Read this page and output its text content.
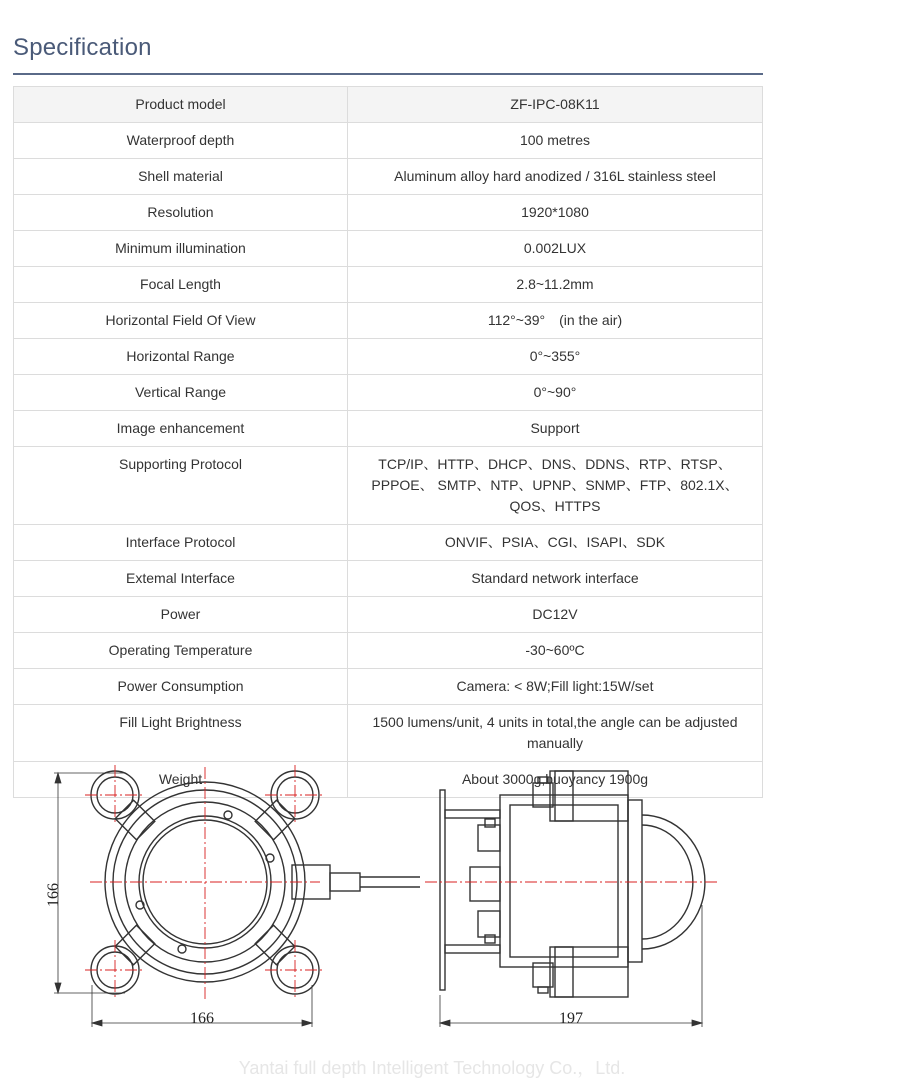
Specification
Product model	ZF-IPC-08K11
Waterproof depth	100 metres
Shell material	Aluminum alloy hard anodized / 316L stainless steel
Resolution	1920*1080
Minimum illumination	0.002LUX
Focal Length	2.8~11.2mm
Horizontal Field Of View	112°~39°　(in the air)
Horizontal Range	0°~355°
Vertical Range	0°~90°
Image enhancement	Support
Supporting Protocol	TCP/IP、HTTP、DHCP、DNS、DDNS、RTP、RTSP、PPPOE、 SMTP、NTP、UPNP、SNMP、FTP、802.1X、QOS、HTTPS
Interface Protocol	ONVIF、PSIA、CGI、ISAPI、SDK
Extemal Interface	Standard network interface
Power	DC12V
Operating Temperature	-30~60ºC
Power Consumption	Camera: < 8W;Fill light:15W/set
Fill Light Brightness	1500 lumens/unit, 4 units in total,the angle can be adjusted manually
Weight	About 3000g,buoyancy 1900g
166
166	197
Yantai full depth Intelligent Technology Co.，Ltd.
